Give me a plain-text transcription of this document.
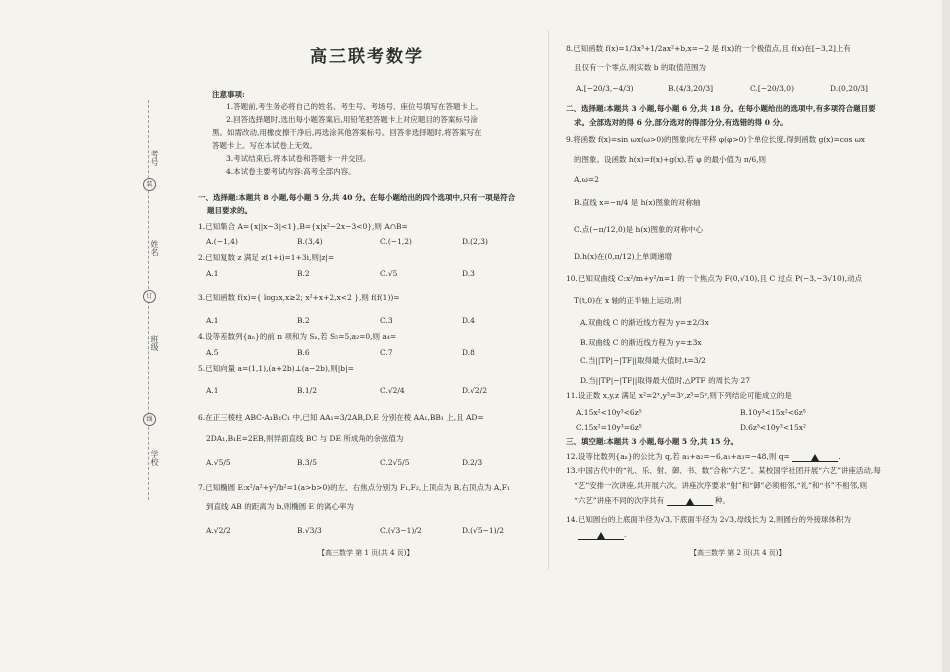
考号
装
姓名
订
班级
线
学校
高三联考数学
注意事项:
1.答题前,考生务必将自己的姓名、考生号、考场号、座位号填写在答题卡上。
2.回答选择题时,选出每小题答案后,用铅笔把答题卡上对应题目的答案标号涂
黑。如需改动,用橡皮擦干净后,再选涂其他答案标号。回答非选择题时,将答案写在
答题卡上。写在本试卷上无效。
3.考试结束后,将本试卷和答题卡一并交回。
4.本试卷主要考试内容:高考全部内容。
一、选择题:本题共 8 小题,每小题 5 分,共 40 分。在每小题给出的四个选项中,只有一项是符合
题目要求的。
1.已知集合 A={x||x−3|<1},B={x|x²−2x−3<0},则 A∩B=
A.(−1,4)	B.(3,4)	C.(−1,2)	D.(2,3)
2.已知复数 z 满足 z(1+i)=1+3i,则|z|=
A.1	B.2	C.√5	D.3
3.已知函数 f(x)={ log₂x,x≥2; x²+x+2,x<2 },则 f(f(1))=
A.1	B.2	C.3	D.4
4.设等差数列{aₙ}的前 n 项和为 Sₙ,若 S₅=5,a₂=0,则 a₄=
A.5	B.6	C.7	D.8
5.已知向量 a=(1,1),(a+2b)⊥(a−2b),则|b|=
A.1	B.1/2	C.√2/4	D.√2/2
6.在正三棱柱 ABC-A₁B₁C₁ 中,已知 AA₁=3/2AB,D,E 分别在棱 AA₁,BB₁ 上,且 AD=
2DA₁,B₁E=2EB,则异面直线 BC 与 DE 所成角的余弦值为
A.√5/5	B.3/5	C.2√5/5	D.2/3
7.已知椭圆 E:x²/a²+y²/b²=1(a>b>0)的左、右焦点分别为 F₁,F₂,上顶点为 B,右顶点为 A,F₁
到直线 AB 的距离为 b,则椭圆 E 的离心率为
A.√2/2	B.√3/3	C.(√3−1)/2	D.(√5−1)/2
【高三数学 第 1 页(共 4 页)】
8.已知函数 f(x)=1/3x³+1/2ax²+b,x=−2 是 f(x)的一个极值点,且 f(x)在[−3,2]上有
且仅有一个零点,则实数 b 的取值范围为
A.[−20/3,−4/3)	B.(4/3,20/3]	C.[−20/3,0)	D.(0,20/3]
二、选择题:本题共 3 小题,每小题 6 分,共 18 分。在每小题给出的选项中,有多项符合题目要
求。全部选对的得 6 分,部分选对的得部分分,有选错的得 0 分。
9.将函数 f(x)=sin ωx(ω>0)的图象向左平移 φ(φ>0)个单位长度,得到函数 g(x)=cos ωx
的图象。设函数 h(x)=f(x)+g(x),若 φ 的最小值为 π/6,则
A.ω=2
B.直线 x=−π/4 是 h(x)图象的对称轴
C.点(−π/12,0)是 h(x)图象的对称中心
D.h(x)在(0,π/12)上单调递增
10.已知双曲线 C:x²/m+y²/n=1 的一个焦点为 F(0,√10),且 C 过点 P(−3,−3√10),动点
T(t,0)在 x 轴的正半轴上运动,则
A.双曲线 C 的渐近线方程为 y=±2/3x
B.双曲线 C 的渐近线方程为 y=±3x
C.当||TP|−|TF||取得最大值时,t=3/2
D.当||TP|−|TF||取得最大值时,△PTF 的周长为 27
11.设正数 x,y,z 满足 x²=2ˣ,y³=3ʸ,z⁵=5ᶻ,则下列结论可能成立的是
A.15x²<10y³<6z⁵	B.10y³<15x²<6z⁵
C.15x²=10y³=6z⁵	D.6z⁵<10y³<15x²
三、填空题:本题共 3 小题,每小题 5 分,共 15 分。
12.设等比数列{aₙ}的公比为 q,若 a₁+a₂=−6,a₁+a₃=−48,则 q=	.
13.中国古代中的“礼、乐、射、御、书、数”合称“六艺”。某校国学社团开展“六艺”讲座活动,每
“艺”安排一次讲座,共开展六次。讲座次序要求“射”和“御”必须相邻,“礼”和“书”不相邻,则
“六艺”讲座不同的次序共有	种。
14.已知圆台的上底面半径为√3,下底面半径为 2√3,母线长为 2,则圆台的外接球体积为
.
【高三数学 第 2 页(共 4 页)】
